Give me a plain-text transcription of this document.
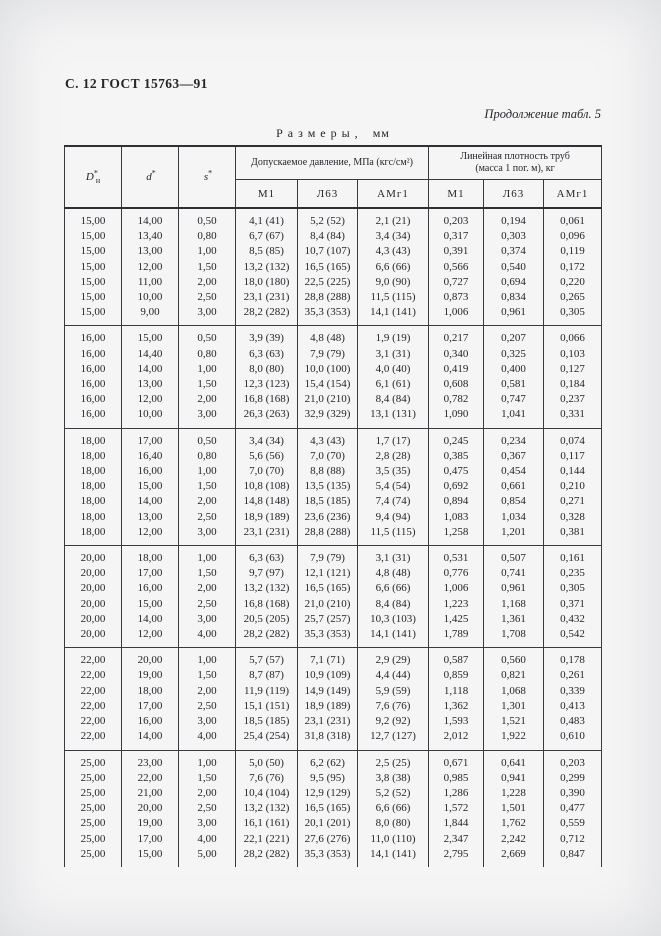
С. 12 ГОСТ 15763—91
Продолжение табл. 5
Размеры, мм
$D^*_н$	d*	s*	Допускаемое давление, МПа (кгс/см²)			Линейная плотность труб
(масса 1 пог. м), кг		
			М1	Л63	АМг1	М1	Л63	АМг1
15,00	14,00	0,50	4,1 (41)	5,2 (52)	2,1 (21)	0,203	0,194	0,061
15,00	13,40	0,80	6,7 (67)	8,4 (84)	3,4 (34)	0,317	0,303	0,096
15,00	13,00	1,00	8,5 (85)	10,7 (107)	4,3 (43)	0,391	0,374	0,119
15,00	12,00	1,50	13,2 (132)	16,5 (165)	6,6 (66)	0,566	0,540	0,172
15,00	11,00	2,00	18,0 (180)	22,5 (225)	9,0 (90)	0,727	0,694	0,220
15,00	10,00	2,50	23,1 (231)	28,8 (288)	11,5 (115)	0,873	0,834	0,265
15,00	9,00	3,00	28,2 (282)	35,3 (353)	14,1 (141)	1,006	0,961	0,305
16,00	15,00	0,50	3,9 (39)	4,8 (48)	1,9 (19)	0,217	0,207	0,066
16,00	14,40	0,80	6,3 (63)	7,9 (79)	3,1 (31)	0,340	0,325	0,103
16,00	14,00	1,00	8,0 (80)	10,0 (100)	4,0 (40)	0,419	0,400	0,127
16,00	13,00	1,50	12,3 (123)	15,4 (154)	6,1 (61)	0,608	0,581	0,184
16,00	12,00	2,00	16,8 (168)	21,0 (210)	8,4 (84)	0,782	0,747	0,237
16,00	10,00	3,00	26,3 (263)	32,9 (329)	13,1 (131)	1,090	1,041	0,331
18,00	17,00	0,50	3,4 (34)	4,3 (43)	1,7 (17)	0,245	0,234	0,074
18,00	16,40	0,80	5,6 (56)	7,0 (70)	2,8 (28)	0,385	0,367	0,117
18,00	16,00	1,00	7,0 (70)	8,8 (88)	3,5 (35)	0,475	0,454	0,144
18,00	15,00	1,50	10,8 (108)	13,5 (135)	5,4 (54)	0,692	0,661	0,210
18,00	14,00	2,00	14,8 (148)	18,5 (185)	7,4 (74)	0,894	0,854	0,271
18,00	13,00	2,50	18,9 (189)	23,6 (236)	9,4 (94)	1,083	1,034	0,328
18,00	12,00	3,00	23,1 (231)	28,8 (288)	11,5 (115)	1,258	1,201	0,381
20,00	18,00	1,00	6,3 (63)	7,9 (79)	3,1 (31)	0,531	0,507	0,161
20,00	17,00	1,50	9,7 (97)	12,1 (121)	4,8 (48)	0,776	0,741	0,235
20,00	16,00	2,00	13,2 (132)	16,5 (165)	6,6 (66)	1,006	0,961	0,305
20,00	15,00	2,50	16,8 (168)	21,0 (210)	8,4 (84)	1,223	1,168	0,371
20,00	14,00	3,00	20,5 (205)	25,7 (257)	10,3 (103)	1,425	1,361	0,432
20,00	12,00	4,00	28,2 (282)	35,3 (353)	14,1 (141)	1,789	1,708	0,542
22,00	20,00	1,00	5,7 (57)	7,1 (71)	2,9 (29)	0,587	0,560	0,178
22,00	19,00	1,50	8,7 (87)	10,9 (109)	4,4 (44)	0,859	0,821	0,261
22,00	18,00	2,00	11,9 (119)	14,9 (149)	5,9 (59)	1,118	1,068	0,339
22,00	17,00	2,50	15,1 (151)	18,9 (189)	7,6 (76)	1,362	1,301	0,413
22,00	16,00	3,00	18,5 (185)	23,1 (231)	9,2 (92)	1,593	1,521	0,483
22,00	14,00	4,00	25,4 (254)	31,8 (318)	12,7 (127)	2,012	1,922	0,610
25,00	23,00	1,00	5,0 (50)	6,2 (62)	2,5 (25)	0,671	0,641	0,203
25,00	22,00	1,50	7,6 (76)	9,5 (95)	3,8 (38)	0,985	0,941	0,299
25,00	21,00	2,00	10,4 (104)	12,9 (129)	5,2 (52)	1,286	1,228	0,390
25,00	20,00	2,50	13,2 (132)	16,5 (165)	6,6 (66)	1,572	1,501	0,477
25,00	19,00	3,00	16,1 (161)	20,1 (201)	8,0 (80)	1,844	1,762	0,559
25,00	17,00	4,00	22,1 (221)	27,6 (276)	11,0 (110)	2,347	2,242	0,712
25,00	15,00	5,00	28,2 (282)	35,3 (353)	14,1 (141)	2,795	2,669	0,847
